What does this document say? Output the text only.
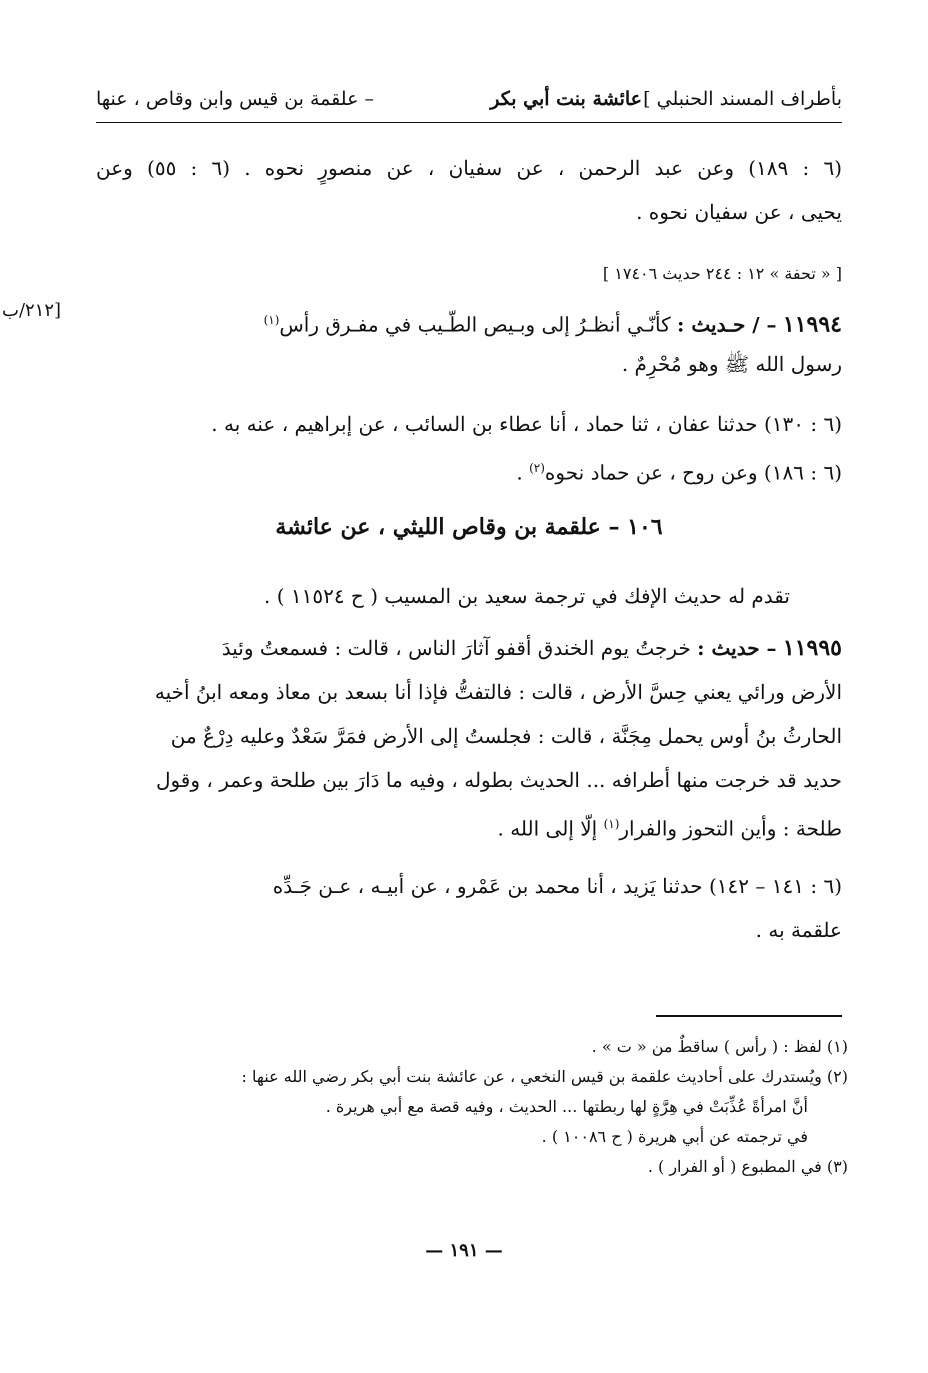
بأطراف المسند الحنبلي ]
عائشة بنت أبي بكر
– علقمة بن قيس وابن وقاص ، عنها
(٦ : ١٨٩) وعن عبد الرحمن ، عن سفيان ، عن منصورٍ نحوه . (٦ : ٥٥) وعن
يحيى ، عن سفيان نحوه .
[ « تحفة » ١٢ : ٢٤٤ حديث ١٧٤٠٦ ]
[٢١٢/ب
١١٩٩٤ – / حـديث : كأنّـي أنظـرُ إلى وبـيص الطّـيب في مفـرق رأس$^{(١)}$
رسول الله ﷺ وهو مُحْرِمٌ .
(٦ : ١٣٠) حدثنا عفان ، ثنا حماد ، أنا عطاء بن السائب ، عن إبراهيم ، عنه به .
(٦ : ١٨٦) وعن روح ، عن حماد نحوه$^{(٢)}$ .
١٠٦ – علقمة بن وقاص الليثي ، عن عائشة
تقدم له حديث الإفك في ترجمة سعيد بن المسيب ( ح ١١٥٢٤ ) .
١١٩٩٥ – حديث : خرجتُ يوم الخندق أقفو آثارَ الناس ، قالت : فسمعتُ وئيدَ
الأرض ورائي يعني حِسَّ الأرض ، قالت : فالتفتُّ فإذا أنا بسعد بن معاذ ومعه ابنُ أخيه
الحارثُ بنُ أوس يحمل مِجَنَّة ، قالت : فجلستُ إلى الأرض فمَرَّ سَعْدٌ وعليه دِرْعٌ من
حديد قد خرجت منها أطرافه ... الحديث بطوله ، وفيه ما دَارَ بين طلحة وعمر ، وقول
طلحة : وأين التحوز والفرار$^{(١)}$ إلّا إلى الله .
(٦ : ١٤١ – ١٤٢) حدثنا يَزيد ، أنا محمد بن عَمْرو ، عن أبيـه ، عـن جَـدِّه
علقمة به .
(١) لفظ : ( رأس ) ساقطٌ من « ت » .
(٢) ويُستدرك على أحاديث علقمة بن قيس النخعي ، عن عائشة بنت أبي بكر رضي الله عنها :
أنَّ امرأةً عُذِّبَتْ في هِرَّةٍ لها ربطتها ... الحديث ، وفيه قصة مع أبي هريرة .
في ترجمته عن أبي هريرة ( ح ١٠٠٨٦ ) .
(٣) في المطبوع ( أو الفرار ) .
— ١٩١ —
